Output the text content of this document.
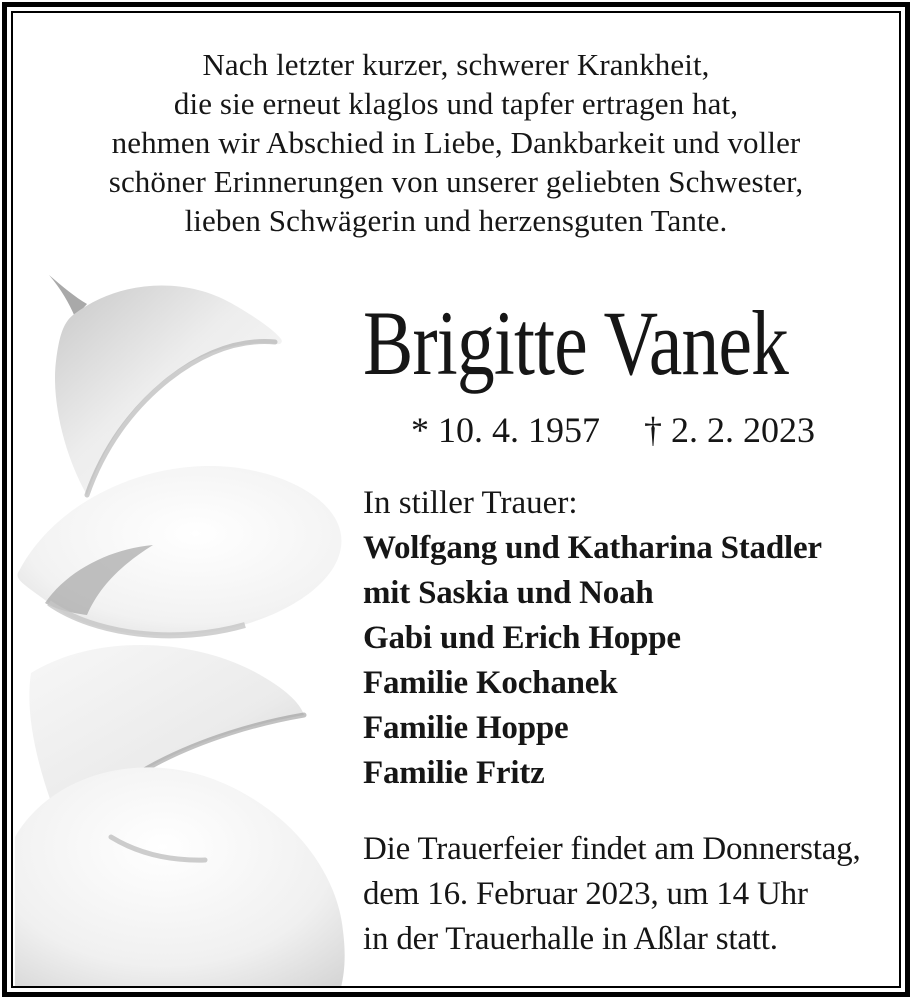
Nach letzter kurzer, schwerer Krankheit,
die sie erneut klaglos und tapfer ertragen hat,
nehmen wir Abschied in Liebe, Dankbarkeit und voller
schöner Erinnerungen von unserer geliebten Schwester,
lieben Schwägerin und herzensguten Tante.
Brigitte Vanek
* 10. 4. 1957 † 2. 2. 2023
In stiller Trauer:
Wolfgang und Katharina Stadler
mit Saskia und Noah
Gabi und Erich Hoppe
Familie Kochanek
Familie Hoppe
Familie Fritz
Die Trauerfeier findet am Donnerstag,
dem 16. Februar 2023, um 14 Uhr
in der Trauerhalle in Aßlar statt.
